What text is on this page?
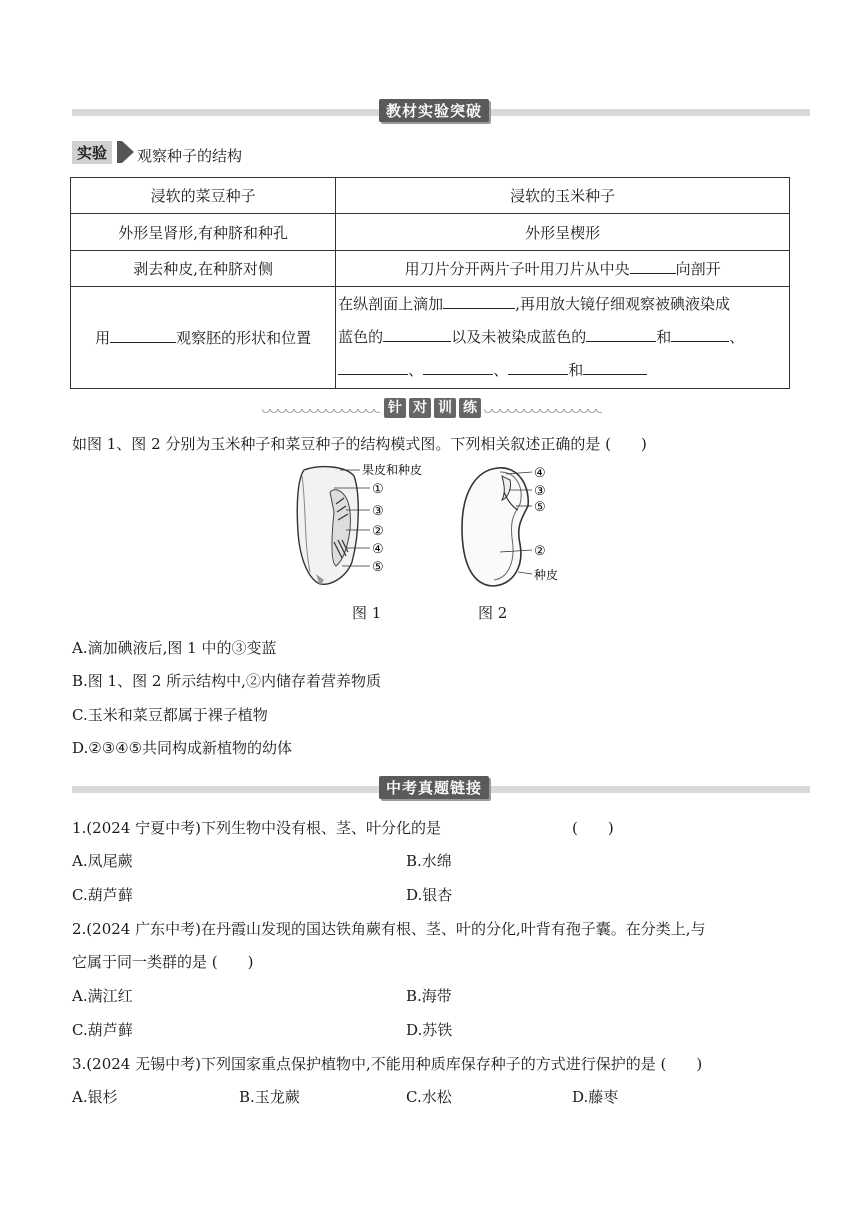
教材实验突破
实验	观察种子的结构
浸软的菜豆种子	浸软的玉米种子
外形呈肾形,有种脐和种孔	外形呈楔形
剥去种皮,在种脐对侧	用刀片分开两片子叶用刀片从中央 向剖开
用 观察胚的形状和位置	在纵剖面上滴加 ,再用放大镜仔细观察被碘液染成
蓝色的 以及未被染成蓝色的 和 、
、 、 和
针 对 训 练
如图 1、图 2 分别为玉米种子和菜豆种子的结构模式图。下列相关叙述正确的是 (　　)
果皮和种皮
①
③
②
④
⑤
④
③
⑤
②
种皮
图 1	图 2
A.滴加碘液后,图 1 中的③变蓝
B.图 1、图 2 所示结构中,②内储存着营养物质
C.玉米和菜豆都属于裸子植物
D.②③④⑤共同构成新植物的幼体
中考真题链接
1.(2024 宁夏中考)下列生物中没有根、茎、叶分化的是	(　　)
A.凤尾蕨	B.水绵
C.葫芦藓	D.银杏
2.(2024 广东中考)在丹霞山发现的国达铁角蕨有根、茎、叶的分化,叶背有孢子囊。在分类上,与
它属于同一类群的是 (　　)
A.满江红	B.海带
C.葫芦藓	D.苏铁
3.(2024 无锡中考)下列国家重点保护植物中,不能用种质库保存种子的方式进行保护的是 (　　)
A.银杉	B.玉龙蕨	C.水松	D.藤枣
